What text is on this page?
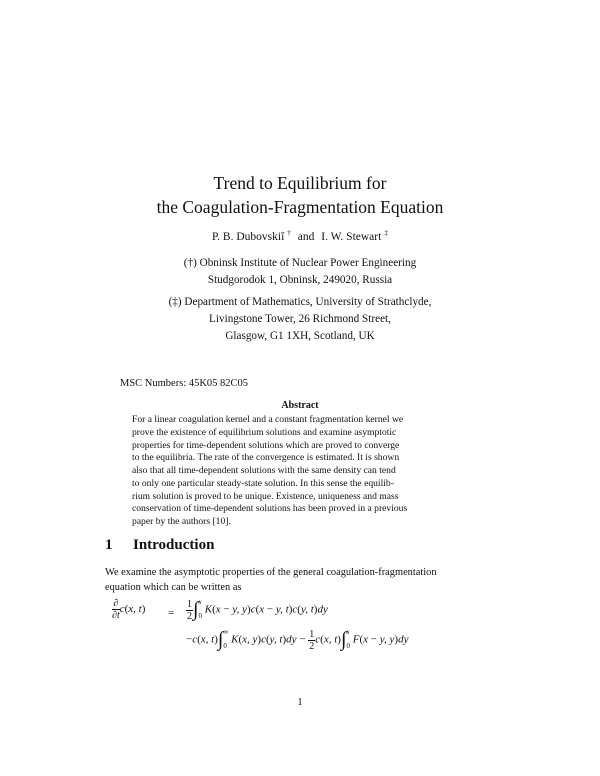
Trend to Equilibrium for
the Coagulation-Fragmentation Equation
P. B. Dubovskiĭ † and I. W. Stewart ‡
(†) Obninsk Institute of Nuclear Power Engineering
Studgorodok 1, Obninsk, 249020, Russia
(‡) Department of Mathematics, University of Strathclyde,
Livingstone Tower, 26 Richmond Street,
Glasgow, G1 1XH, Scotland, UK
MSC Numbers: 45K05 82C05
Abstract

For a linear coagulation kernel and a constant fragmentation kernel we

prove the existence of equilibrium solutions and examine asymptotic

properties for time-dependent solutions which are proved to converge

to the equilibria. The rate of the convergence is estimated. It is shown

also that all time-dependent solutions with the same density can tend

to only one particular steady-state solution. In this sense the equilib-

rium solution is proved to be unique. Existence, uniqueness and mass

conservation of time-dependent solutions has been proved in a previous

paper by the authors [10].

1 Introduction

We examine the asymptotic properties of the general coagulation-fragmentation

equation which can be written as

$\frac{\partial}{\partial t} c(x$, $t) = \frac{1}{2}$ ∫ x
0
K(x − y, y)c(x − y, t)c(y, t)dy
−c(x, t)∫ ∞
0
K(x, y)c(y, $t)dy - \frac{1}{2} c(x$, t)∫ x
0
F(x − y, y)dy
1
